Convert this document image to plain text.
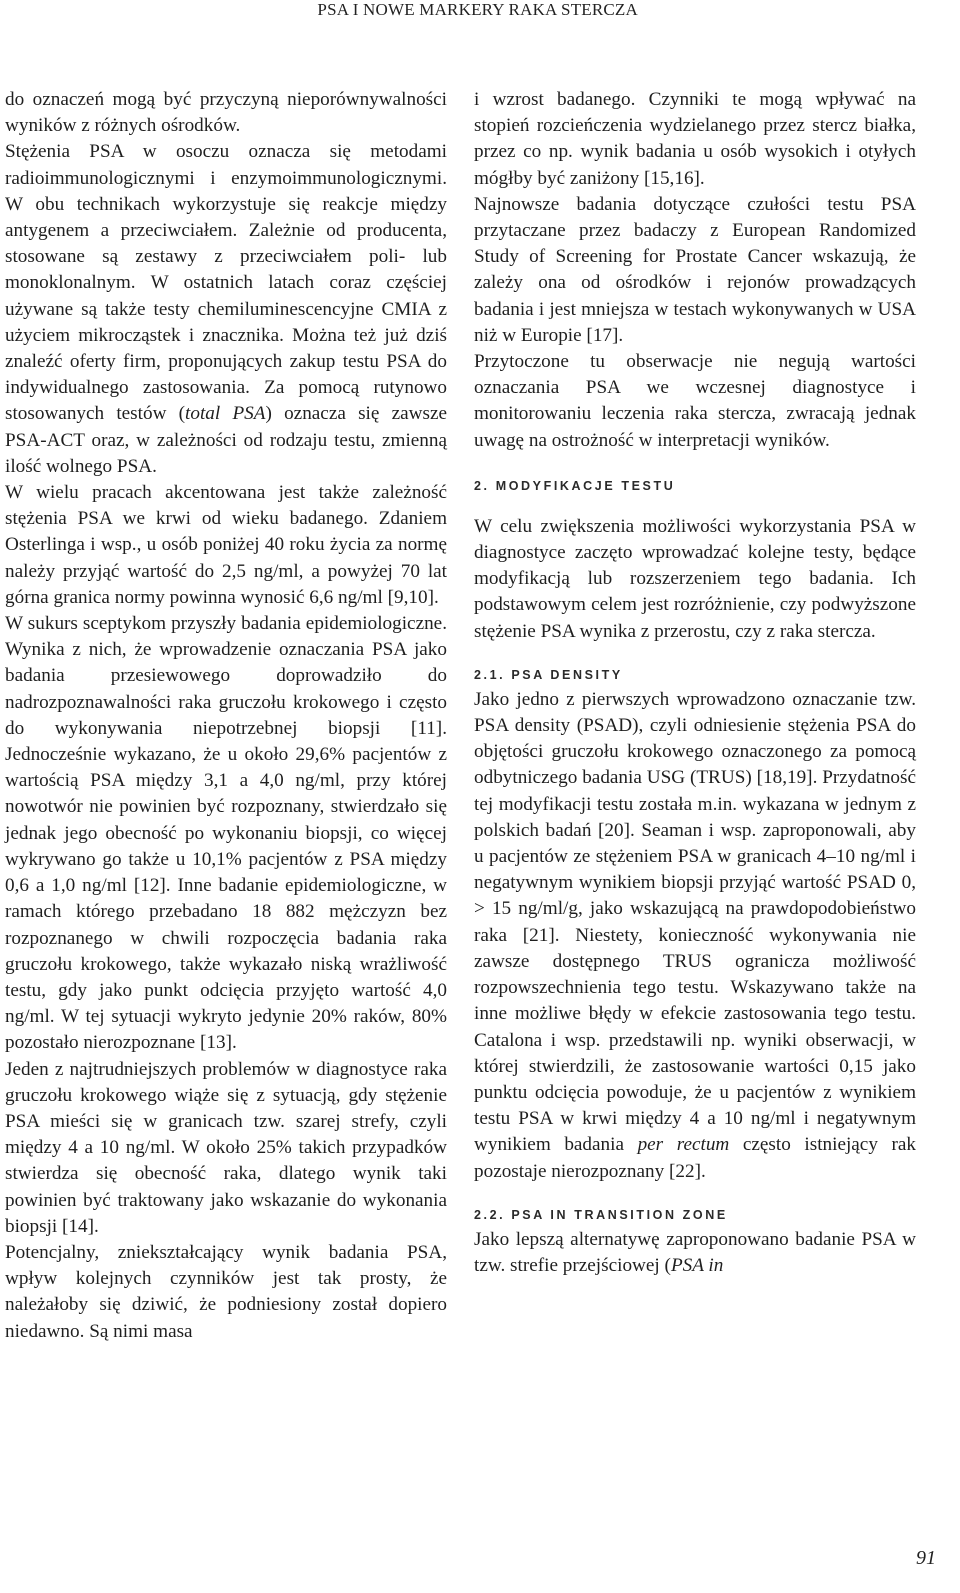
PSA I NOWE MARKERY RAKA STERCZA

do oznaczeń mogą być przyczyną nieporównywalności wyników z różnych ośrodków.

Stężenia PSA w osoczu oznacza się metodami radioimmunologicznymi i enzymoimmunologicznymi. W obu technikach wykorzystuje się reakcje między antygenem a przeciwciałem. Zależnie od producenta, stosowane są zestawy z przeciwciałem poli- lub monoklonalnym. W ostatnich latach coraz częściej używane są także testy chemiluminescencyjne CMIA z użyciem mikrocząstek i znacznika. Można też już dziś znaleźć oferty firm, proponujących zakup testu PSA do indywidualnego zastosowania. Za pomocą rutynowo stosowanych testów (total PSA) oznacza się zawsze PSA-ACT oraz, w zależności od rodzaju testu, zmienną ilość wolnego PSA.

W wielu pracach akcentowana jest także zależność stężenia PSA we krwi od wieku badanego. Zdaniem Osterlinga i wsp., u osób poniżej 40 roku życia za normę należy przyjąć wartość do 2,5 ng/ml, a powyżej 70 lat górna granica normy powinna wynosić 6,6 ng/ml [9,10].

W sukurs sceptykom przyszły badania epidemiologiczne. Wynika z nich, że wprowadzenie oznaczania PSA jako badania przesiewowego doprowadziło do nadrozpoznawalności raka gruczołu krokowego i często do wykonywania niepotrzebnej biopsji [11]. Jednocześnie wykazano, że u około 29,6% pacjentów z wartością PSA między 3,1 a 4,0 ng/ml, przy której nowotwór nie powinien być rozpoznany, stwierdzało się jednak jego obecność po wykonaniu biopsji, co więcej wykrywano go także u 10,1% pacjentów z PSA między 0,6 a 1,0 ng/ml [12]. Inne badanie epidemiologiczne, w ramach którego przebadano 18 882 mężczyzn bez rozpoznanego w chwili rozpoczęcia badania raka gruczołu krokowego, także wykazało niską wrażliwość testu, gdy jako punkt odcięcia przyjęto wartość 4,0 ng/ml. W tej sytuacji wykryto jedynie 20% raków, 80% pozostało nierozpoznane [13].

Jeden z najtrudniejszych problemów w diagnostyce raka gruczołu krokowego wiąże się z sytuacją, gdy stężenie PSA mieści się w granicach tzw. szarej strefy, czyli między 4 a 10 ng/ml. W około 25% takich przypadków stwierdza się obecność raka, dlatego wynik taki powinien być traktowany jako wskazanie do wykonania biopsji [14].

Potencjalny, zniekształcający wynik badania PSA, wpływ kolejnych czynników jest tak prosty, że należałoby się dziwić, że podniesiony został dopiero niedawno. Są nimi masa

i wzrost badanego. Czynniki te mogą wpływać na stopień rozcieńczenia wydzielanego przez stercz białka, przez co np. wynik badania u osób wysokich i otyłych mógłby być zaniżony [15,16].

Najnowsze badania dotyczące czułości testu PSA przytaczane przez badaczy z European Randomized Study of Screening for Prostate Cancer wskazują, że zależy ona od ośrodków i rejonów prowadzących badania i jest mniejsza w testach wykonywanych w USA niż w Europie [17].

Przytoczone tu obserwacje nie negują wartości oznaczania PSA we wczesnej diagnostyce i monitorowaniu leczenia raka stercza, zwracają jednak uwagę na ostrożność w interpretacji wyników.

2. MODYFIKACJE TESTU

W celu zwiększenia możliwości wykorzystania PSA w diagnostyce zaczęto wprowadzać kolejne testy, będące modyfikacją lub rozszerzeniem tego badania. Ich podstawowym celem jest rozróżnienie, czy podwyższone stężenie PSA wynika z przerostu, czy z raka stercza.

2.1. PSA DENSITY

Jako jedno z pierwszych wprowadzono oznaczanie tzw. PSA density (PSAD), czyli odniesienie stężenia PSA do objętości gruczołu krokowego oznaczonego za pomocą odbytniczego badania USG (TRUS) [18,19]. Przydatność tej modyfikacji testu została m.in. wykazana w jednym z polskich badań [20]. Seaman i wsp. zaproponowali, aby u pacjentów ze stężeniem PSA w granicach 4–10 ng/ml i negatywnym wynikiem biopsji przyjąć wartość PSAD 0, > 15 ng/ml/g, jako wskazującą na prawdopodobieństwo raka [21]. Niestety, konieczność wykonywania nie zawsze dostępnego TRUS ogranicza możliwość rozpowszechnienia tego testu. Wskazywano także na inne możliwe błędy w efekcie zastosowania tego testu. Catalona i wsp. przedstawili np. wyniki obserwacji, w której stwierdzili, że zastosowanie wartości 0,15 jako punktu odcięcia powoduje, że u pacjentów z wynikiem testu PSA w krwi między 4 a 10 ng/ml i negatywnym wynikiem badania per rectum często istniejący rak pozostaje nierozpoznany [22].

2.2. PSA IN TRANSITION ZONE

Jako lepszą alternatywę zaproponowano badanie PSA w tzw. strefie przejściowej (PSA in

91
